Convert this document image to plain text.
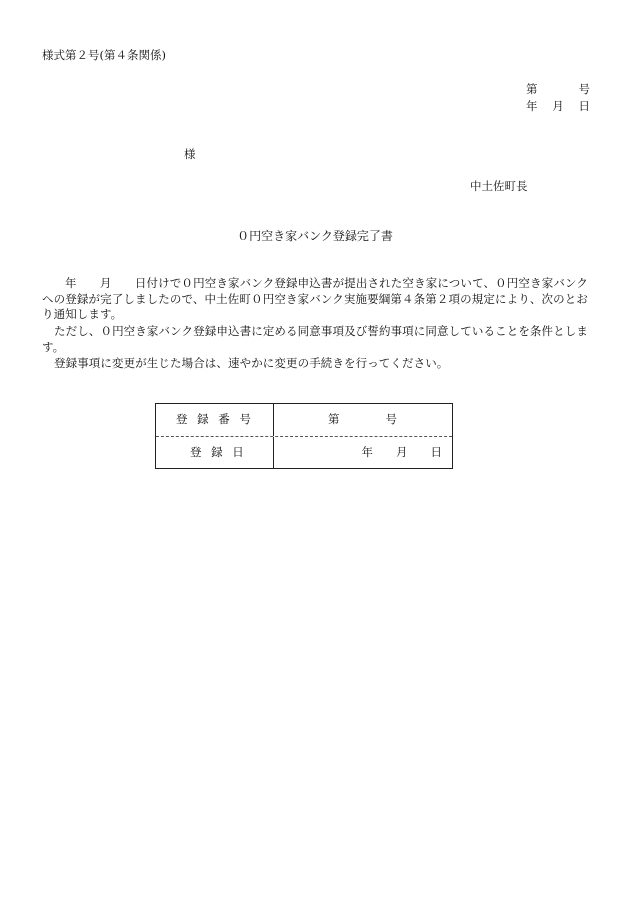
様式第２号(第４条関係)
第	号
年 月 日
様
中土佐町長
０円空き家バンク登録完了書
年　　月　　日付けで０円空き家バンク登録申込書が提出された空き家について、０円空き家バンクへの登録が完了しましたので、中土佐町０円空き家バンク実施要綱第４条第２項の規定により、次のとおり通知します。
ただし、０円空き家バンク登録申込書に定める同意事項及び誓約事項に同意していることを条件とします。
登録事項に変更が生じた場合は、速やかに変更の手続きを行ってください。
登 録 番 号	第　　　　号
登 録 日	年　　月　　日
